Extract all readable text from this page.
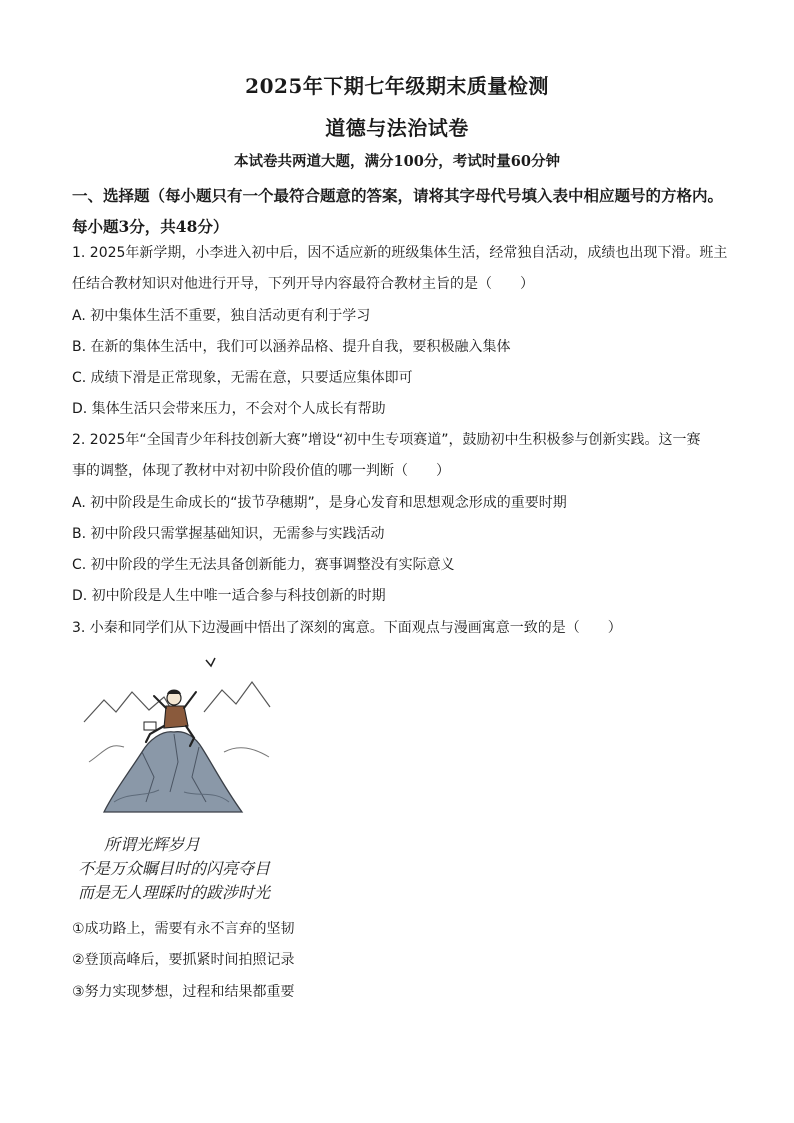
2025年下期七年级期末质量检测
道德与法治试卷
本试卷共两道大题，满分100分，考试时量60分钟
一、选择题（每小题只有一个最符合题意的答案，请将其字母代号填入表中相应题号的方格内。每小题3分，共48分）
1. 2025年新学期，小李进入初中后，因不适应新的班级集体生活，经常独自活动，成绩也出现下滑。班主
任结合教材知识对他进行开导，下列开导内容最符合教材主旨的是（　　）
A. 初中集体生活不重要，独自活动更有利于学习
B. 在新的集体生活中，我们可以涵养品格、提升自我，要积极融入集体
C. 成绩下滑是正常现象，无需在意，只要适应集体即可
D. 集体生活只会带来压力，不会对个人成长有帮助
2. 2025年“全国青少年科技创新大赛”增设“初中生专项赛道”，鼓励初中生积极参与创新实践。这一赛
事的调整，体现了教材中对初中阶段价值的哪一判断（　　）
A. 初中阶段是生命成长的“拔节孕穗期”，是身心发育和思想观念形成的重要时期
B. 初中阶段只需掌握基础知识，无需参与实践活动
C. 初中阶段的学生无法具备创新能力，赛事调整没有实际意义
D. 初中阶段是人生中唯一适合参与科技创新的时期
3. 小秦和同学们从下边漫画中悟出了深刻的寓意。下面观点与漫画寓意一致的是（　　）
所谓光辉岁月
不是万众瞩目时的闪亮夺目
而是无人理睬时的跋涉时光
①成功路上，需要有永不言弃的坚韧
②登顶高峰后，要抓紧时间拍照记录
③努力实现梦想，过程和结果都重要
